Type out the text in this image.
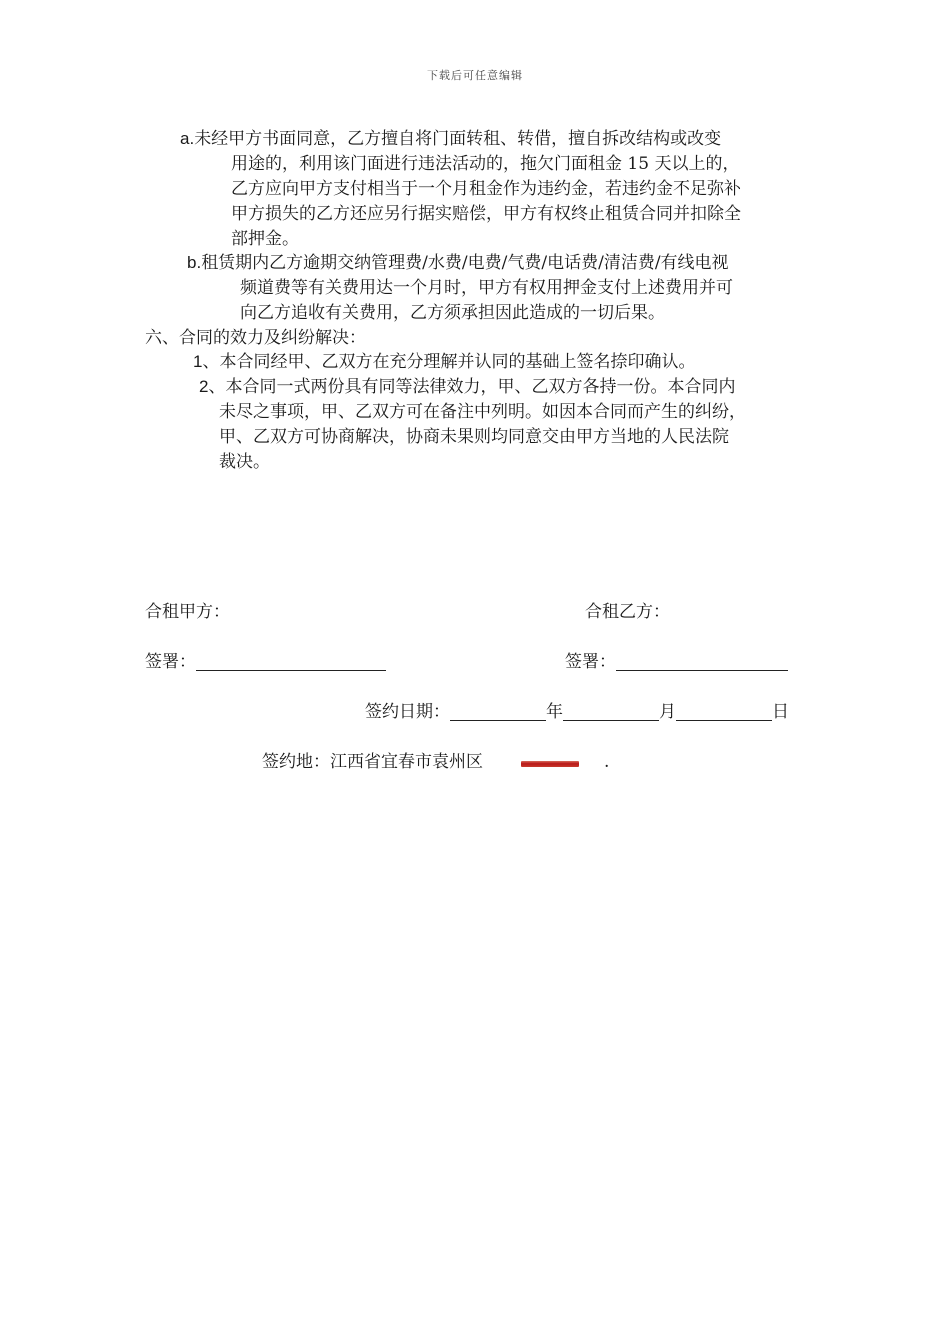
下载后可任意编辑
a.未经甲方书面同意，乙方擅自将门面转租、转借，擅自拆改结构或改变
用途的，利用该门面进行违法活动的，拖欠门面租金 15 天以上的，
乙方应向甲方支付相当于一个月租金作为违约金，若违约金不足弥补
甲方损失的乙方还应另行据实赔偿，甲方有权终止租赁合同并扣除全
部押金。
b.租赁期内乙方逾期交纳管理费/水费/电费/气费/电话费/清洁费/有线电视
频道费等有关费用达一个月时，甲方有权用押金支付上述费用并可
向乙方追收有关费用，乙方须承担因此造成的一切后果。
六、合同的效力及纠纷解决：
1、本合同经甲、乙双方在充分理解并认同的基础上签名捺印确认。
2、本合同一式两份具有同等法律效力，甲、乙双方各持一份。本合同内
未尽之事项，甲、乙双方可在备注中列明。如因本合同而产生的纠纷，
甲、乙双方可协商解决，协商未果则均同意交由甲方当地的人民法院
裁决。
合租甲方：	合租乙方：
签署：	签署：
签约日期：	年	月	日
签约地：江西省宜春市袁州区	.
